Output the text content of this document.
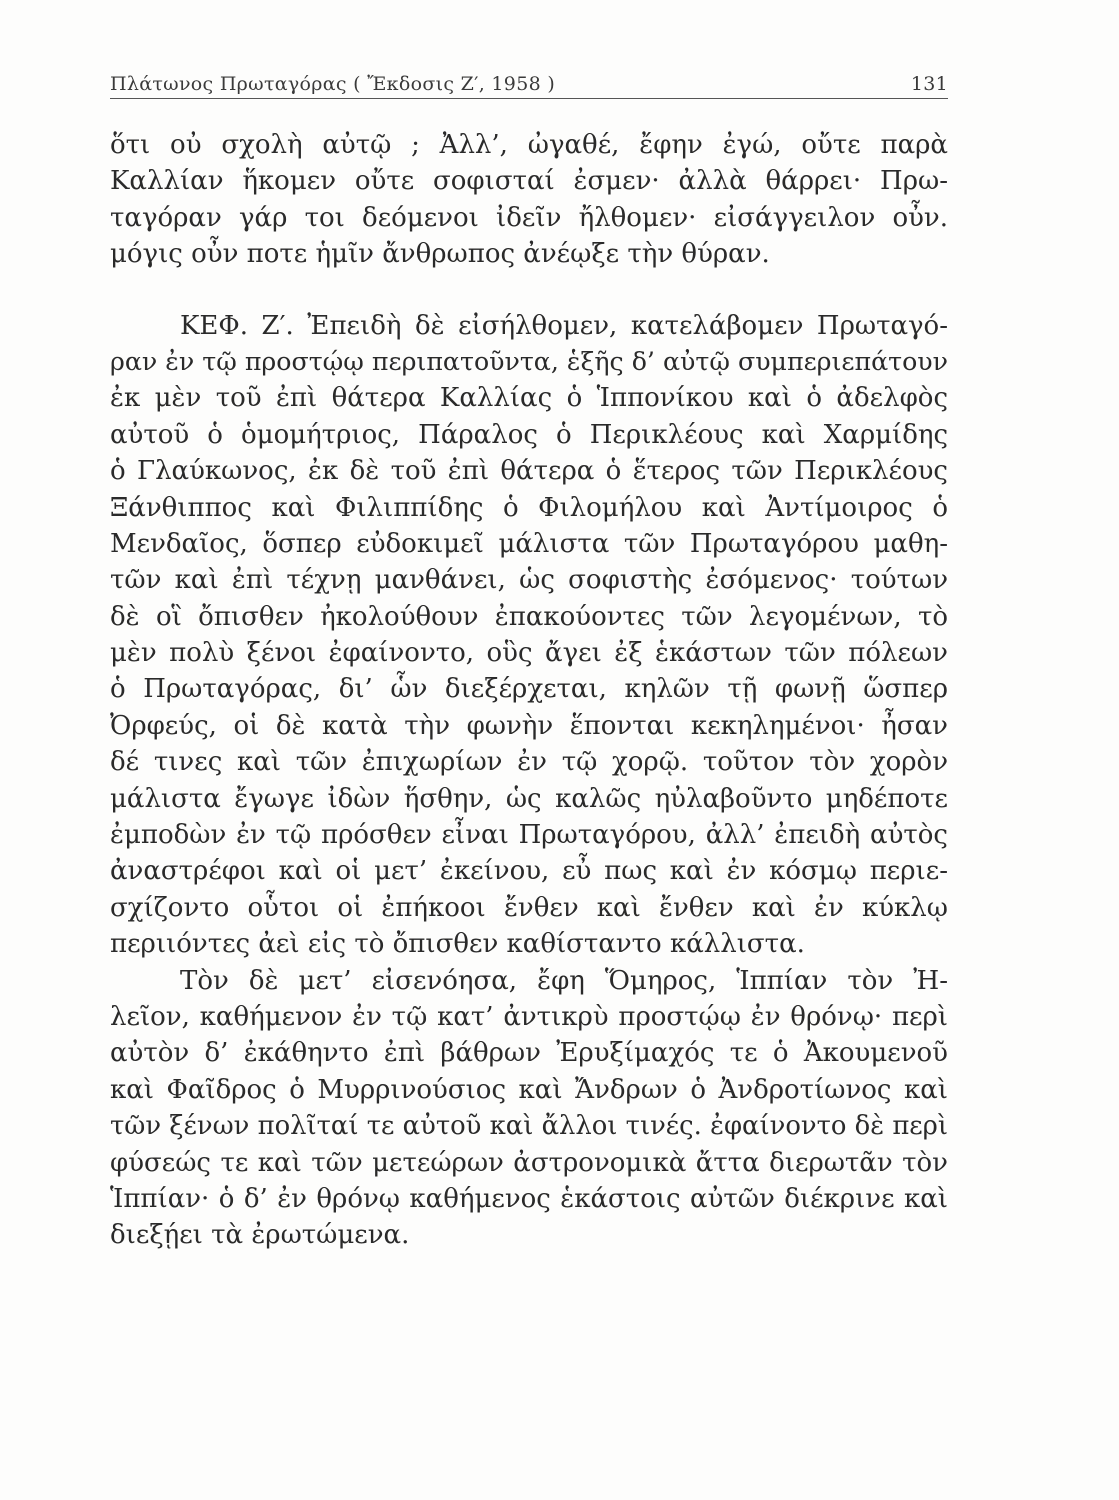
Πλάτωνος Πρωταγόρας ( Ἔκδοσις Ζ′, 1958 )	131
ὅτι οὐ σχολὴ αὐτῷ ; Ἀλλ’, ὠγαθέ, ἔφην ἐγώ, οὔτε παρὰ
Καλλίαν ἥκομεν οὔτε σοφισταί ἐσμεν· ἀλλὰ θάρρει· Πρω-
ταγόραν γάρ τοι δεόμενοι ἰδεῖν ἤλθομεν· εἰσάγγειλον οὖν.
μόγις οὖν ποτε ἡμῖν ἄνθρωπος ἀνέῳξε τὴν θύραν.
ΚΕΦ. Ζ′. Ἐπειδὴ δὲ εἰσήλθομεν, κατελάβομεν Πρωταγό-
ραν ἐν τῷ προστῴῳ περιπατοῦντα, ἑξῆς δ’ αὐτῷ συμπεριεπάτουν
ἐκ μὲν τοῦ ἐπὶ θάτερα Καλλίας ὁ Ἱππονίκου καὶ ὁ ἀδελφὸς
αὐτοῦ ὁ ὁμομήτριος, Πάραλος ὁ Περικλέους καὶ Χαρμίδης
ὁ Γλαύκωνος, ἐκ δὲ τοῦ ἐπὶ θάτερα ὁ ἕτερος τῶν Περικλέους
Ξάνθιππος καὶ Φιλιππίδης ὁ Φιλομήλου καὶ Ἀντίμοιρος ὁ
Μενδαῖος, ὅσπερ εὐδοκιμεῖ μάλιστα τῶν Πρωταγόρου μαθη-
τῶν καὶ ἐπὶ τέχνῃ μανθάνει, ὡς σοφιστὴς ἐσόμενος· τούτων
δὲ οἳ ὄπισθεν ἠκολούθουν ἐπακούοντες τῶν λεγομένων, τὸ
μὲν πολὺ ξένοι ἐφαίνοντο, οὓς ἄγει ἐξ ἑκάστων τῶν πόλεων
ὁ Πρωταγόρας, δι’ ὧν διεξέρχεται, κηλῶν τῇ φωνῇ ὥσπερ
Ὀρφεύς, οἱ δὲ κατὰ τὴν φωνὴν ἕπονται κεκηλημένοι· ἦσαν
δέ τινες καὶ τῶν ἐπιχωρίων ἐν τῷ χορῷ. τοῦτον τὸν χορὸν
μάλιστα ἔγωγε ἰδὼν ἥσθην, ὡς καλῶς ηὐλαβοῦντο μηδέποτε
ἐμποδὼν ἐν τῷ πρόσθεν εἶναι Πρωταγόρου, ἀλλ’ ἐπειδὴ αὐτὸς
ἀναστρέφοι καὶ οἱ μετ’ ἐκείνου, εὖ πως καὶ ἐν κόσμῳ περιε-
σχίζοντο οὗτοι οἱ ἐπήκοοι ἔνθεν καὶ ἔνθεν καὶ ἐν κύκλῳ
περιιόντες ἀεὶ εἰς τὸ ὄπισθεν καθίσταντο κάλλιστα.
Τὸν δὲ μετ’ εἰσενόησα, ἔφη Ὅμηρος, Ἱππίαν τὸν Ἠ-
λεῖον, καθήμενον ἐν τῷ κατ’ ἀντικρὺ προστῴῳ ἐν θρόνῳ· περὶ
αὐτὸν δ’ ἐκάθηντο ἐπὶ βάθρων Ἐρυξίμαχός τε ὁ Ἀκουμενοῦ
καὶ Φαῖδρος ὁ Μυρρινούσιος καὶ Ἄνδρων ὁ Ἀνδροτίωνος καὶ
τῶν ξένων πολῖταί τε αὐτοῦ καὶ ἄλλοι τινές. ἐφαίνοντο δὲ περὶ
φύσεώς τε καὶ τῶν μετεώρων ἀστρονομικὰ ἄττα διερωτᾶν τὸν
Ἱππίαν· ὁ δ’ ἐν θρόνῳ καθήμενος ἑκάστοις αὐτῶν διέκρινε καὶ
διεξῄει τὰ ἐρωτώμενα.
